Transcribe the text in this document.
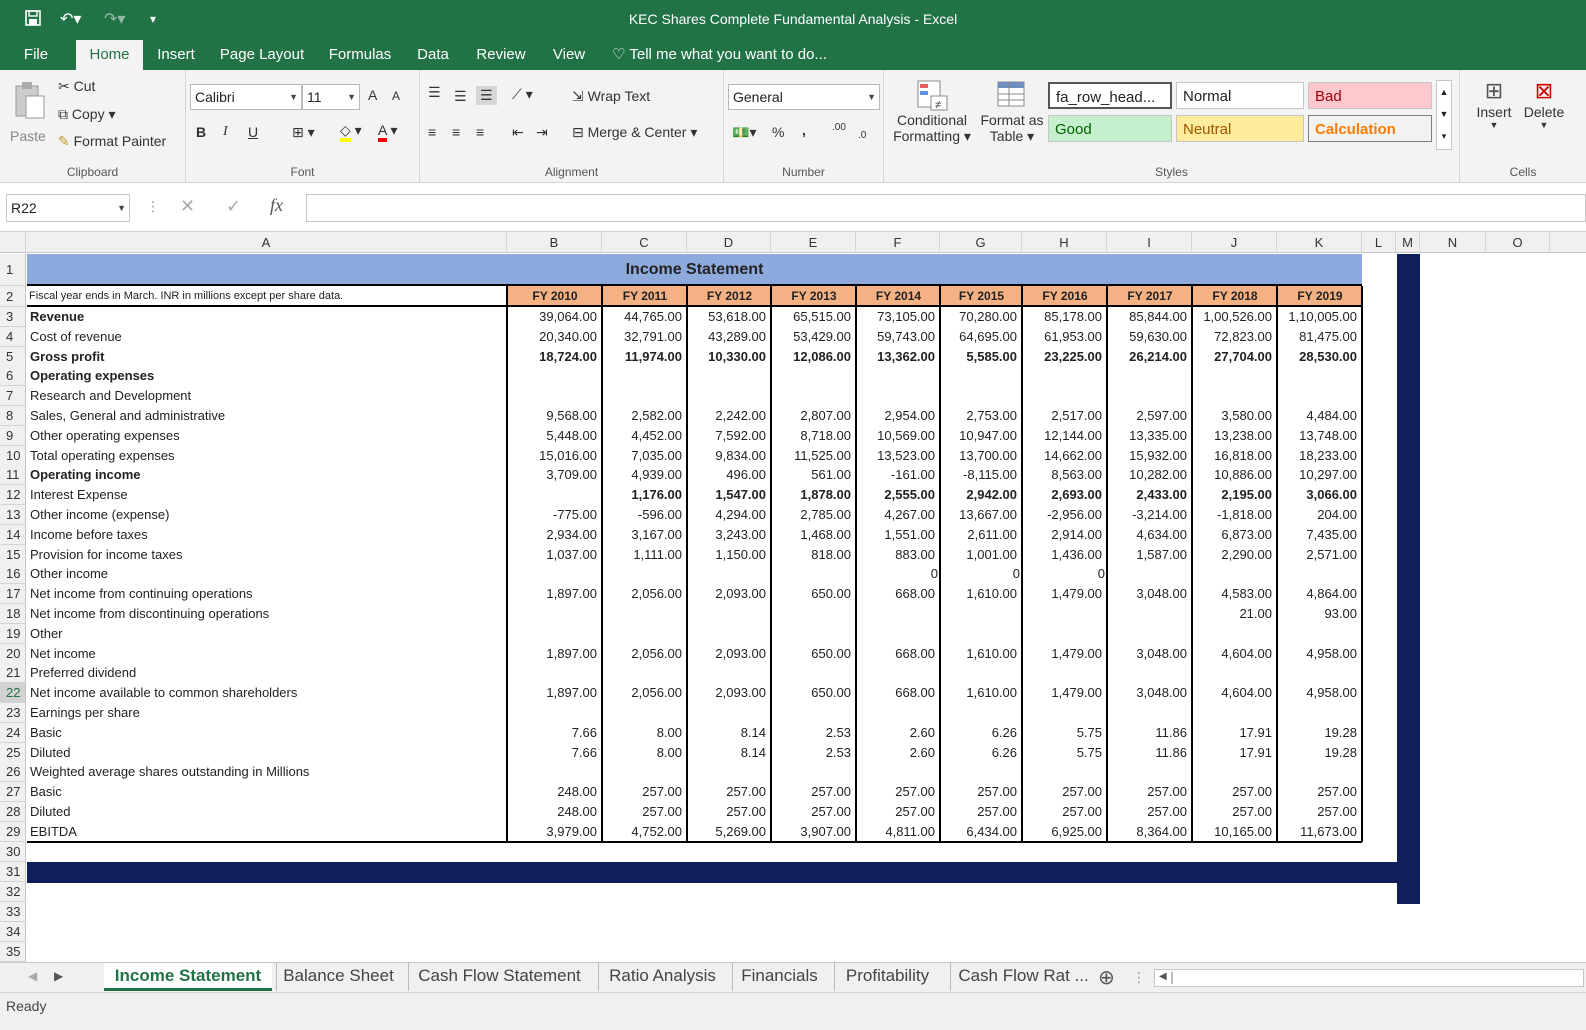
↶▾ ↷▾ ▾	KEC Shares Complete Fundamental Analysis - Excel
File	Home	Insert	Page Layout	Formulas	Data	Review	View	♡ Tell me what you want to do...
Paste
✂ Cut
⧉ Copy ▾
✎ Format Painter
Clipboard
Calibri	▼ 11	▼ A A
B I U ⊞ ▾ ◇ ▾ A ▾
Font
☰ ☰ ☰ ⟋ ▾	⇲ Wrap Text
≡ ≡ ≡ ⇤ ⇥ ⊟ Merge & Center ▾
Alignment
General	▼
💵▾ % ,	.00
.0
Number
≠
Conditional
Formatting ▾
Format as
Table ▾
fa_row_head...	Normal	Bad
Good	Neutral	Calculation
▲
▼
▾
Styles
⊞
Insert
▼
⊠
Delete
▼
Cells
R22	▼ ⋮ ✕ ✓ fx
A	B	C	D	E	F	G	H	I	J	K	L	M	N	O
1
2
3
4
5
6
7
8
9
10
11
12
13
14
15
16
17
18
19
20
21
22
23
24
25
26
27
28
29
30
31
32
33
34
35
Income Statement
Fiscal year ends in March. INR in millions except per share data.	FY 2010	FY 2011	FY 2012	FY 2013	FY 2014	FY 2015	FY 2016	FY 2017	FY 2018	FY 2019
Revenue	39,064.00	44,765.00	53,618.00	65,515.00	73,105.00	70,280.00	85,178.00	85,844.00	1,00,526.00	1,10,005.00
Cost of revenue	20,340.00	32,791.00	43,289.00	53,429.00	59,743.00	64,695.00	61,953.00	59,630.00	72,823.00	81,475.00
Gross profit	18,724.00	11,974.00	10,330.00	12,086.00	13,362.00	5,585.00	23,225.00	26,214.00	27,704.00	28,530.00
Operating expenses
Research and Development
Sales, General and administrative	9,568.00	2,582.00	2,242.00	2,807.00	2,954.00	2,753.00	2,517.00	2,597.00	3,580.00	4,484.00
Other operating expenses	5,448.00	4,452.00	7,592.00	8,718.00	10,569.00	10,947.00	12,144.00	13,335.00	13,238.00	13,748.00
Total operating expenses	15,016.00	7,035.00	9,834.00	11,525.00	13,523.00	13,700.00	14,662.00	15,932.00	16,818.00	18,233.00
Operating income	3,709.00	4,939.00	496.00	561.00	-161.00	-8,115.00	8,563.00	10,282.00	10,886.00	10,297.00
Interest Expense	1,176.00	1,547.00	1,878.00	2,555.00	2,942.00	2,693.00	2,433.00	2,195.00	3,066.00
Other income (expense)	-775.00	-596.00	4,294.00	2,785.00	4,267.00	13,667.00	-2,956.00	-3,214.00	-1,818.00	204.00
Income before taxes	2,934.00	3,167.00	3,243.00	1,468.00	1,551.00	2,611.00	2,914.00	4,634.00	6,873.00	7,435.00
Provision for income taxes	1,037.00	1,111.00	1,150.00	818.00	883.00	1,001.00	1,436.00	1,587.00	2,290.00	2,571.00
Other income	0	0	0
Net income from continuing operations	1,897.00	2,056.00	2,093.00	650.00	668.00	1,610.00	1,479.00	3,048.00	4,583.00	4,864.00
Net income from discontinuing operations	21.00	93.00
Other
Net income	1,897.00	2,056.00	2,093.00	650.00	668.00	1,610.00	1,479.00	3,048.00	4,604.00	4,958.00
Preferred dividend
Net income available to common shareholders	1,897.00	2,056.00	2,093.00	650.00	668.00	1,610.00	1,479.00	3,048.00	4,604.00	4,958.00
Earnings per share
Basic	7.66	8.00	8.14	2.53	2.60	6.26	5.75	11.86	17.91	19.28
Diluted	7.66	8.00	8.14	2.53	2.60	6.26	5.75	11.86	17.91	19.28
Weighted average shares outstanding in Millions
Basic	248.00	257.00	257.00	257.00	257.00	257.00	257.00	257.00	257.00	257.00
Diluted	248.00	257.00	257.00	257.00	257.00	257.00	257.00	257.00	257.00	257.00
EBITDA	3,979.00	4,752.00	5,269.00	3,907.00	4,811.00	6,434.00	6,925.00	8,364.00	10,165.00	11,673.00
◀ ▶	Income Statement	Balance Sheet	Cash Flow Statement	Ratio Analysis	Financials	Profitability	Cash Flow Rat ... ⊕ ⋮ ◀
Ready
